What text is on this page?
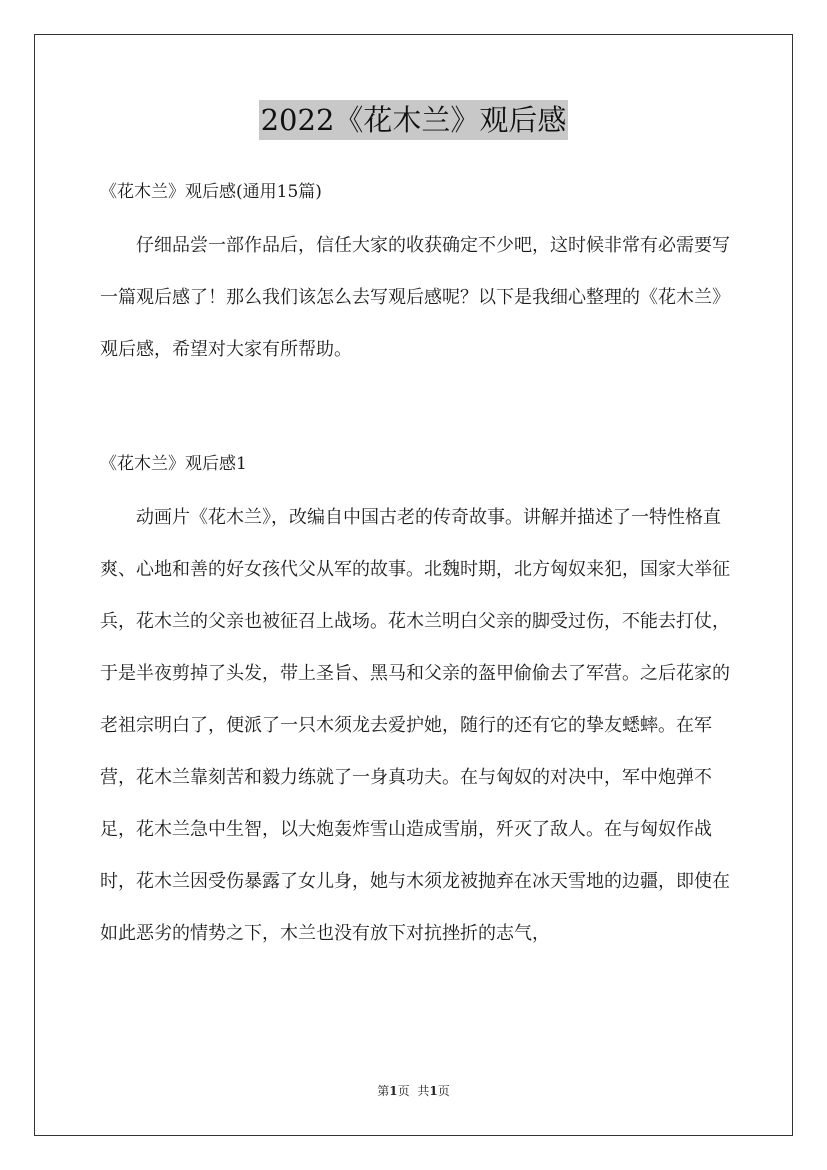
2022《花木兰》观后感
《花木兰》观后感(通用15篇)

仔细品尝一部作品后，信任大家的收获确定不少吧，这时候非常有必需要写一篇观后感了！那么我们该怎么去写观后感呢？以下是我细心整理的《花木兰》观后感，希望对大家有所帮助。

《花木兰》观后感1

动画片《花木兰》，改编自中国古老的传奇故事。讲解并描述了一特性格直爽、心地和善的好女孩代父从军的故事。北魏时期，北方匈奴来犯，国家大举征兵，花木兰的父亲也被征召上战场。花木兰明白父亲的脚受过伤，不能去打仗，于是半夜剪掉了头发，带上圣旨、黑马和父亲的盔甲偷偷去了军营。之后花家的老祖宗明白了，便派了一只木须龙去爱护她，随行的还有它的挚友蟋蟀。在军营，花木兰靠刻苦和毅力练就了一身真功夫。在与匈奴的对决中，军中炮弹不足，花木兰急中生智，以大炮轰炸雪山造成雪崩，歼灭了敌人。在与匈奴作战时，花木兰因受伤暴露了女儿身，她与木须龙被抛弃在冰天雪地的边疆，即使在如此恶劣的情势之下，木兰也没有放下对抗挫折的志气，

第1页 共1页
